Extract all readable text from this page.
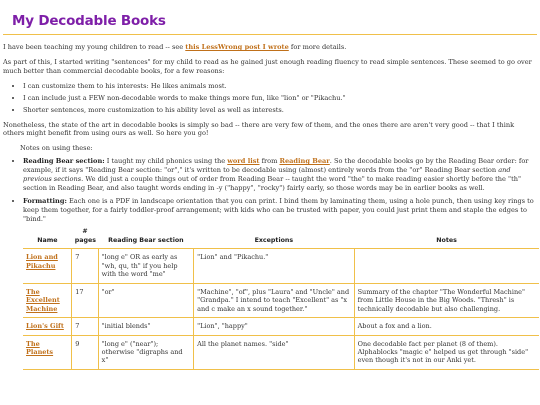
My Decodable Books

I have been teaching my young children to read -- see this LessWrong post I wrote for more details.

As part of this, I started writing "sentences" for my child to read as he gained just enough reading fluency to read simple sentences. These seemed to go over much better than commercial decodable books, for a few reasons:

• I can customize them to his interests: He likes animals most.
• I can include just a FEW non-decodable words to make things more fun, like "lion" or "Pikachu."
• Shorter sentences, more customization to his ability level as well as interests.

Nonetheless, the state of the art in decodable books is simply so bad -- there are very few of them, and the ones there are aren't very good -- that I think others might benefit from using ours as well. So here you go!

Notes on using these:
• Reading Bear section: I taught my child phonics using the word list from Reading Bear. So the decodable books go by the Reading Bear order: for example, if it says "Reading Bear section: "or"," it's written to be decodable using (almost) entirely words from the "or" Reading Bear section and previous sections. We did just a couple things out of order from Reading Bear -- taught the word "the" to make reading easier shortly before the "th" section in Reading Bear, and also taught words ending in -y ("happy", "rocky") fairly early, so those words may be in earlier books as well.
• Formatting: Each one is a PDF in landscape orientation that you can print. I bind them by laminating them, using a hole punch, then using key rings to keep them together, for a fairly toddler-proof arrangement; with kids who can be trusted with paper, you could just print them and staple the edges to "bind."
Name	# pages	Reading Bear section	Exceptions	Notes
Lion and Pikachu	7	"long e" OR as early as "wh, qu, th" if you help with the word "me"	"Lion" and "Pikachu."	
The Excellent Machine	17	"or"	"Machine", "of", plus "Laura" and "Uncle" and "Grandpa." I intend to teach "Excellent" as "x and c make an x sound together."	Summary of the chapter "The Wonderful Machine" from Little House in the Big Woods. "Thresh" is technically decodable but also challenging.
Lion's Gift	7	"initial blends"	"Lion", "happy"	About a fox and a lion.
The Planets	9	"long e" ("near"); otherwise "digraphs and x"	All the planet names. "side"	One decodable fact per planet (8 of them). Alphablocks "magic e" helped us get through "side" even though it's not in our Anki yet.
